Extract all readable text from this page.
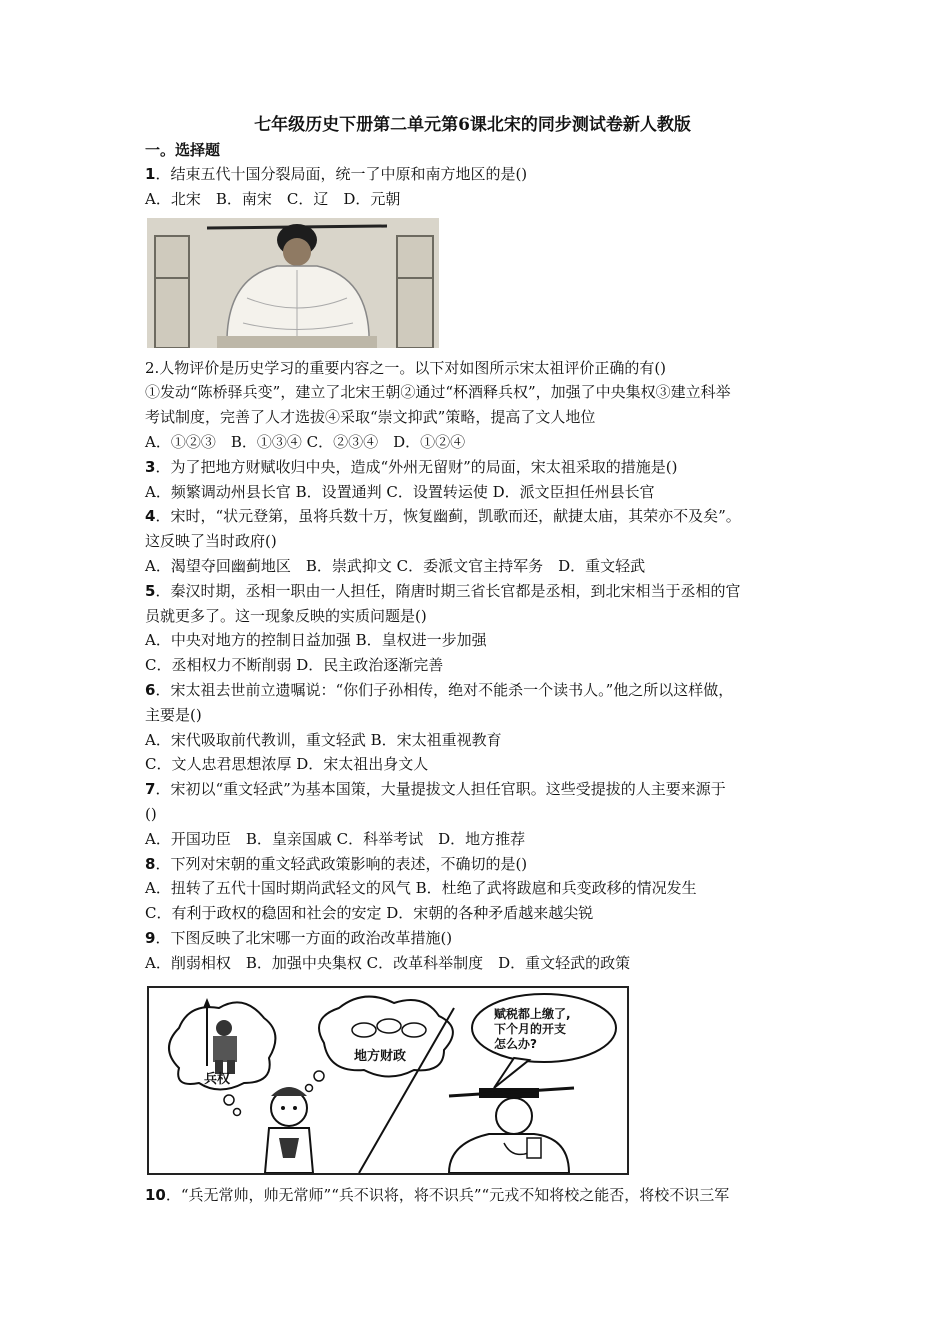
七年级历史下册第二单元第6课北宋的同步测试卷新人教版
一。选择题
1．结束五代十国分裂局面，统一了中原和南方地区的是()
A．北宋　B．南宋　C．辽　D．元朝
2.人物评价是历史学习的重要内容之一。以下对如图所示宋太祖评价正确的有()
①发动“陈桥驿兵变”，建立了北宋王朝②通过“杯酒释兵权”，加强了中央集权③建立科举
考试制度，完善了人才选拔④采取“崇文抑武”策略，提高了文人地位
A．①②③　B．①③④ C．②③④　D．①②④
3．为了把地方财赋收归中央，造成“外州无留财”的局面，宋太祖采取的措施是()
A．频繁调动州县长官 B．设置通判 C．设置转运使 D．派文臣担任州县长官
4．宋时，“状元登第，虽将兵数十万，恢复幽蓟，凯歌而还，献捷太庙，其荣亦不及矣”。
这反映了当时政府()
A．渴望夺回幽蓟地区　B．崇武抑文 C．委派文官主持军务　D．重文轻武
5．秦汉时期，丞相一职由一人担任，隋唐时期三省长官都是丞相，到北宋相当于丞相的官
员就更多了。这一现象反映的实质问题是()
A．中央对地方的控制日益加强 B．皇权进一步加强
C．丞相权力不断削弱 D．民主政治逐渐完善
6．宋太祖去世前立遗嘱说：“你们子孙相传，绝对不能杀一个读书人。”他之所以这样做，
主要是()
A．宋代吸取前代教训，重文轻武 B．宋太祖重视教育
C．文人忠君思想浓厚 D．宋太祖出身文人
7．宋初以“重文轻武”为基本国策，大量提拔文人担任官职。这些受提拔的人主要来源于
()
A．开国功臣　B．皇亲国戚 C．科举考试　D．地方推荐
8．下列对宋朝的重文轻武政策影响的表述，不确切的是()
A．扭转了五代十国时期尚武轻文的风气 B．杜绝了武将跋扈和兵变政移的情况发生
C．有利于政权的稳固和社会的安定 D．宋朝的各种矛盾越来越尖锐
9．下图反映了北宋哪一方面的政治改革措施()
A．削弱相权　B．加强中央集权 C．改革科举制度　D．重文轻武的政策
兵权
地方财政
赋税都上缴了,
下个月的开支
怎么办?
10．“兵无常帅，帅无常师”“兵不识将，将不识兵”“元戎不知将校之能否，将校不识三军
